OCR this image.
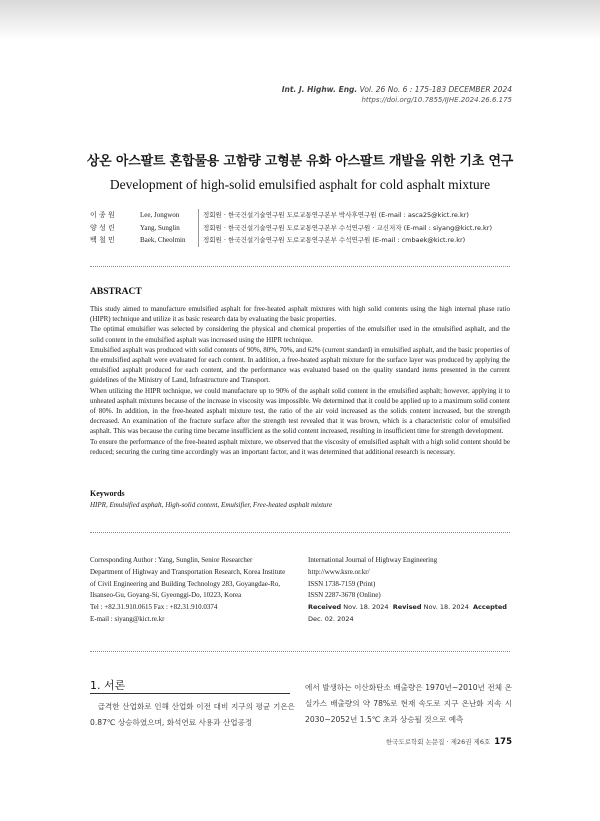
Int. J. Highw. Eng. Vol. 26 No. 6 : 175-183 DECEMBER 2024
https://doi.org/10.7855/IJHE.2024.26.6.175
상온 아스팔트 혼합물용 고함량 고형분 유화 아스팔트 개발을 위한 기초 연구
Development of high-solid emulsified asphalt for cold asphalt mixture
이 종 원	Lee, Jongwon	정회원 · 한국건설기술연구원 도로교통연구본부 박사후연구원 (E-mail : asca25@kict.re.kr)
양 성 린	Yang, Sunglin	정회원 · 한국건설기술연구원 도로교통연구본부 수석연구원 · 교신저자 (E-mail : siyang@kict.re.kr)
백 철 민	Baek, Cheolmin	정회원 · 한국건설기술연구원 도로교통연구본부 수석연구원 (E-mail : cmbaek@kict.re.kr)
ABSTRACT

This study aimed to manufacture emulsified asphalt for free-heated asphalt mixtures with high solid contents using the high internal phase ratio (HIPR) technique and utilize it as basic research data by evaluating the basic properties.

The optimal emulsifier was selected by considering the physical and chemical properties of the emulsifier used in the emulsified asphalt, and the solid content in the emulsified asphalt was increased using the HIPR technique.

Emulsified asphalt was produced with solid contents of 90%, 80%, 70%, and 62% (current standard) in emulsified asphalt, and the basic properties of the emulsified asphalt were evaluated for each content. In addition, a free-heated asphalt mixture for the surface layer was produced by applying the emulsified asphalt produced for each content, and the performance was evaluated based on the quality standard items presented in the current guidelines of the Ministry of Land, Infrastructure and Transport.

When utilizing the HIPR technique, we could manufacture up to 90% of the asphalt solid content in the emulsified asphalt; however, applying it to unheated asphalt mixtures because of the increase in viscosity was impossible. We determined that it could be applied up to a maximum solid content of 80%. In addition, in the free-heated asphalt mixture test, the ratio of the air void increased as the solids content increased, but the strength decreased. An examination of the fracture surface after the strength test revealed that it was brown, which is a characteristic color of emulsified asphalt. This was because the curing time became insufficient as the solid content increased, resulting in insufficient time for strength development.

To ensure the performance of the free-heated asphalt mixture, we observed that the viscosity of emulsified asphalt with a high solid content should be reduced; securing the curing time accordingly was an important factor, and it was determined that additional research is necessary.

Keywords
HIPR, Emulsified asphalt, High-solid content, Emulsifier, Free-heated asphalt mixture
Corresponding Author : Yang, Sunglin, Senior Researcher
Department of Highway and Transportation Research, Korea Institute
of Civil Engineering and Building Technology 283, Goyangdae-Ro,
Ilsanseo-Gu, Goyang-Si, Gyeonggi-Do, 10223, Korea
Tel : +82.31.910.0615 Fax : +82.31.910.0374
E-mail : siyang@kict.re.kr
International Journal of Highway Engineering
http://www.ksre.or.kr/
ISSN 1738-7159 (Print)
ISSN 2287-3678 (Online)
Received Nov. 18. 2024 Revised Nov. 18. 2024 Accepted Dec. 02. 2024
1. 서론

급격한 산업화로 인해 산업화 이전 대비 지구의 평균 기온은 0.87℃ 상승하였으며, 화석연료 사용과 산업공정

에서 발생하는 이산화탄소 배출량은 1970년~2010년 전체 온실가스 배출량의 약 78%로 현재 속도로 지구 온난화 지속 시 2030~2052년 1.5℃ 초과 상승될 것으로 예측

한국도로학회 논문집 · 제26권 제6호 175
